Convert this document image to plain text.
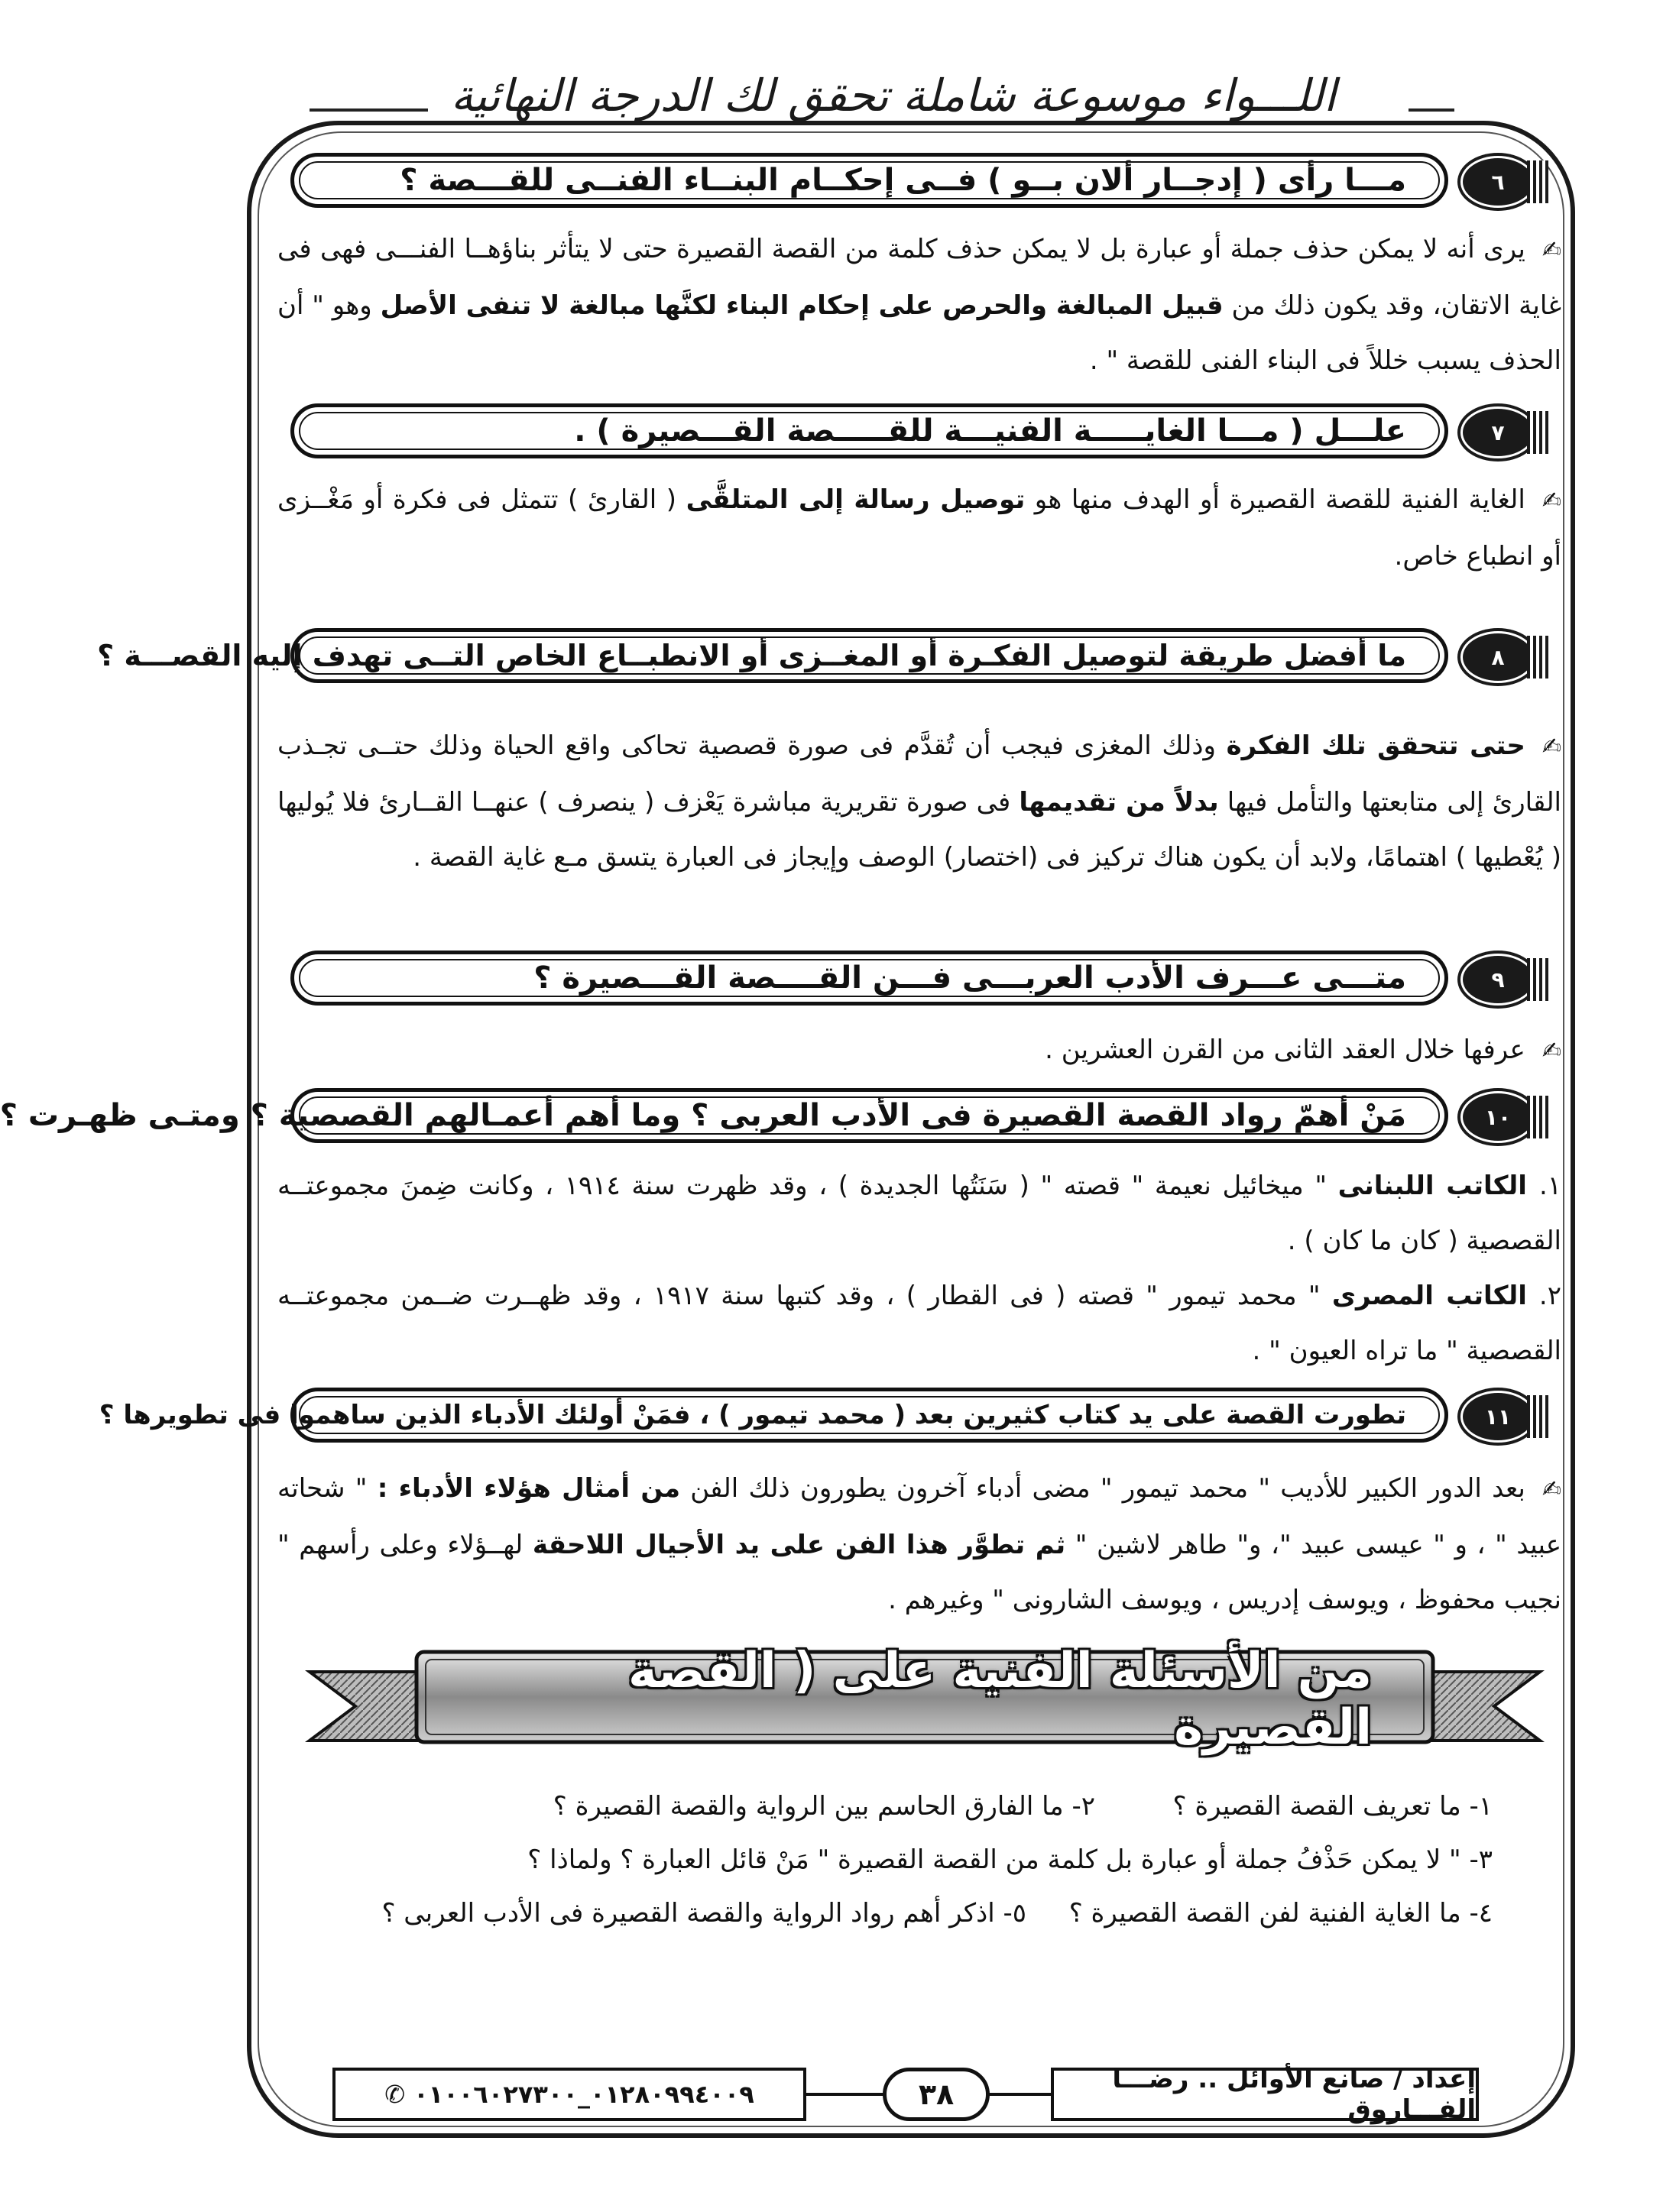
اللـــواء موسوعة شاملة تحقق لك الدرجة النهائية
٦
مـــا رأى ( إدجــار ألان بــو ) فــى إحكــام البنــاء الفنــى للقـــصة ؟
✍يرى أنه لا يمكن حذف جملة أو عبارة بل لا يمكن حذف كلمة من القصة القصيرة حتى لا يتأثر بناؤهــا الفنـــى فهى فى غاية الاتقان، وقد يكون ذلك من قبيل المبالغة والحرص على إحكام البناء لكنَّها مبالغة لا تنفى الأصل وهو " أن الحذف يسبب خللاً فى البناء الفنى للقصة " .
٧
علـــل ( مـــا الغايـــــة الفنيـــة للقـــــصة القـــصيرة ) .
✍الغاية الفنية للقصة القصيرة أو الهدف منها هو توصيل رسالة إلى المتلقَّى ( القارئ ) تتمثل فى فكرة أو مَغْــزى أو انطباع خاص.
٨
ما أفضل طريقة لتوصيل الفكـرة أو المغــزى أو الانطبــاع الخاص التــى تهدف إليه القصـــة ؟
✍حتى تتحقق تلك الفكرة وذلك المغزى فيجب أن تُقدَّم فى صورة قصصية تحاكى واقع الحياة وذلك حتــى تجـذب القارئ إلى متابعتها والتأمل فيها بدلاً من تقديمها فى صورة تقريرية مباشرة يَعْزف ( ينصرف ) عنهــا القــارئ فلا يُوليها ( يُعْطيها ) اهتمامًا، ولابد أن يكون هناك تركيز فى (اختصار) الوصف وإيجاز فى العبارة يتسق مـع غاية القصة .
٩
متـــى عـــرف الأدب العربـــى فـــن القــــصة القـــصيرة ؟
✍عرفها خلال العقد الثانى من القرن العشرين .
١٠
مَنْ أهمّ رواد القصة القصيرة فى الأدب العربى ؟ وما أهم أعمـالهم القصصية ؟ ومتـى ظهـرت ؟
١.الكاتب اللبنانى " ميخائيل نعيمة " قصته " ( سَنَتُها الجديدة ) ، وقد ظهرت سنة ١٩١٤ ، وكانت ضِمنَ مجموعتــه القصصية ( كان ما كان ) .
٢.الكاتب المصرى " محمد تيمور " قصته ( فى القطار ) ، وقد كتبها سنة ١٩١٧ ، وقد ظهــرت ضــمن مجموعتــه القصصية " ما تراه العيون " .
١١
تطورت القصة على يد كتاب كثيرين بعد ( محمد تيمور ) ، فمَنْ أولئك الأدباء الذين ساهموا فى تطويرها ؟
✍بعد الدور الكبير للأديب " محمد تيمور " مضى أدباء آخرون يطورون ذلك الفن من أمثال هؤلاء الأدباء : " شحاته عبيد " ، و " عيسى عبيد "، و" طاهر لاشين " ثم تطوَّر هذا الفن على يد الأجيال اللاحقة لهــؤلاء وعلى رأسهم " نجيب محفوظ ، ويوسف إدريس ، ويوسف الشارونى " وغيرهم .
من الأسئلة الفنية على ( القصة القصيرة
١- ما تعريف القصة القصيرة ؟
٢- ما الفارق الحاسم بين الرواية والقصة القصيرة ؟
٣- " لا يمكن حَذْفُ جملة أو عبارة بل كلمة من القصة القصيرة " مَنْ قائل العبارة ؟ ولماذا ؟
٤- ما الغاية الفنية لفن القصة القصيرة ؟
٥- اذكر أهم رواد الرواية والقصة القصيرة فى الأدب العربى ؟
إعداد / صانع الأوائل .. رضـــا الفـــاروق
٣٨
٠١٢٨٠٩٩٤٠٠٩_٠١٠٠٦٠٢٧٣٠٠ ✆
